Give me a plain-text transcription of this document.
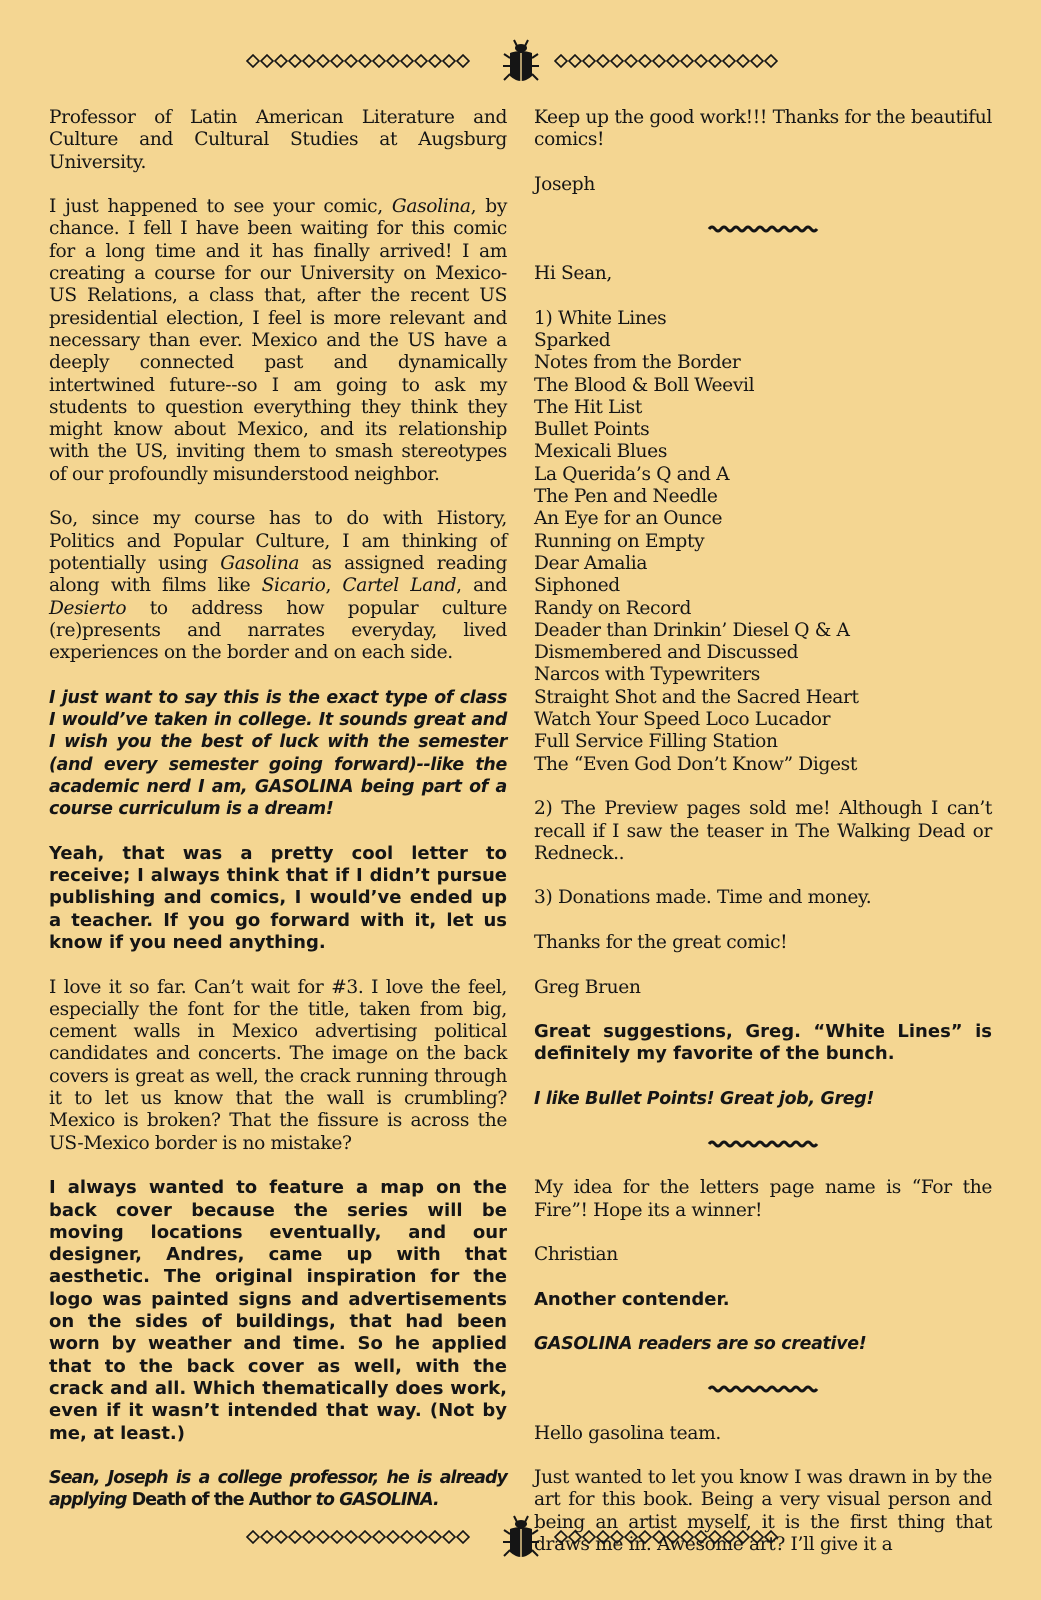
Professor of Latin American Literature and Culture and Cultural Studies at Augsburg University.

I just happened to see your comic, Gasolina, by chance. I fell I have been waiting for this comic for a long time and it has finally arrived! I am creating a course for our University on Mexico-US Relations, a class that, after the recent US presidential election, I feel is more relevant and necessary than ever. Mexico and the US have a deeply connected past and dynamically intertwined future--so I am going to ask my students to question everything they think they might know about Mexico, and its relationship with the US, inviting them to smash stereotypes of our profoundly misunderstood neighbor.

So, since my course has to do with History, Politics and Popular Culture, I am thinking of potentially using Gasolina as assigned reading along with films like Sicario, Cartel Land, and Desierto to address how popular culture (re)presents and narrates everyday, lived experiences on the border and on each side.

I just want to say this is the exact type of class I would’ve taken in college. It sounds great and I wish you the best of luck with the semester (and every semester going forward)--like the academic nerd I am, GASOLINA being part of a course curriculum is a dream!

Yeah, that was a pretty cool letter to receive; I always think that if I didn’t pursue publishing and comics, I would’ve ended up a teacher. If you go forward with it, let us know if you need anything.

I love it so far. Can’t wait for #3. I love the feel, especially the font for the title, taken from big, cement walls in Mexico advertising political candidates and concerts. The image on the back covers is great as well, the crack running through it to let us know that the wall is crumbling? Mexico is broken? That the fissure is across the US-Mexico border is no mistake?

I always wanted to feature a map on the back cover because the series will be moving locations eventually, and our designer, Andres, came up with that aesthetic. The original inspiration for the logo was painted signs and advertisements on the sides of buildings, that had been worn by weather and time. So he applied that to the back cover as well, with the crack and all. Which thematically does work, even if it wasn’t intended that way. (Not by me, at least.)

Sean, Joseph is a college professor, he is already applying Death of the Author to GASOLINA.

Keep up the good work!!! Thanks for the beautiful comics!

Joseph

Hi Sean,

1) White Lines
Sparked
Notes from the Border
The Blood & Boll Weevil
The Hit List
Bullet Points
Mexicali Blues
La Querida’s Q and A
The Pen and Needle
An Eye for an Ounce
Running on Empty
Dear Amalia
Siphoned
Randy on Record
Deader than Drinkin’ Diesel Q & A
Dismembered and Discussed
Narcos with Typewriters
Straight Shot and the Sacred Heart
Watch Your Speed Loco Lucador
Full Service Filling Station
The “Even God Don’t Know” Digest

2) The Preview pages sold me! Although I can’t recall if I saw the teaser in The Walking Dead or Redneck..

3) Donations made. Time and money.

Thanks for the great comic!

Greg Bruen

Great suggestions, Greg. “White Lines” is definitely my favorite of the bunch.

I like Bullet Points! Great job, Greg!

My idea for the letters page name is “For the Fire”! Hope its a winner!

Christian

Another contender.

GASOLINA readers are so creative!

Hello gasolina team.

Just wanted to let you know I was drawn in by the art for this book. Being a very visual person and being an artist myself, it is the first thing that draws me in. Awesome art? I’ll give it a
